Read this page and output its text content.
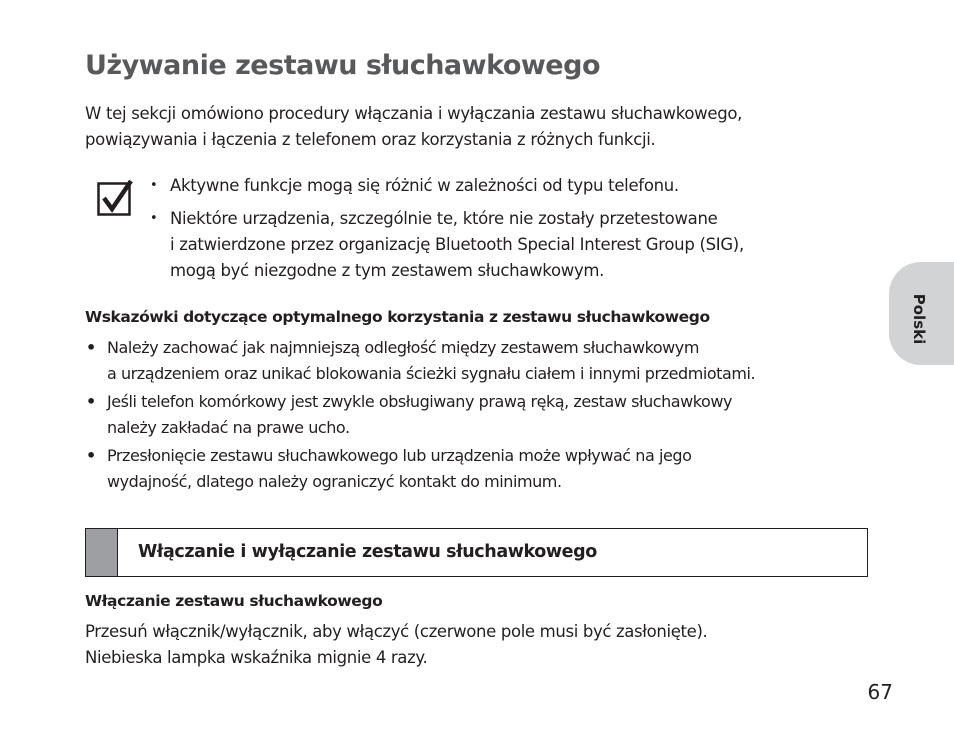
Używanie zestawu słuchawkowego

W tej sekcji omówiono procedury włączania i wyłączania zestawu słuchawkowego,
powiązywania i łączenia z telefonem oraz korzystania z różnych funkcji.

• Aktywne funkcje mogą się różnić w zależności od typu telefonu.
• Niektóre urządzenia, szczególnie te, które nie zostały przetestowane
i zatwierdzone przez organizację Bluetooth Special Interest Group (SIG),
mogą być niezgodne z tym zestawem słuchawkowym.
Wskazówki dotyczące optymalnego korzystania z zestawu słuchawkowego
• Należy zachować jak najmniejszą odległość między zestawem słuchawkowym
a urządzeniem oraz unikać blokowania ścieżki sygnału ciałem i innymi przedmiotami.
• Jeśli telefon komórkowy jest zwykle obsługiwany prawą ręką, zestaw słuchawkowy
należy zakładać na prawe ucho.
• Przesłonięcie zestawu słuchawkowego lub urządzenia może wpływać na jego
wydajność, dlatego należy ograniczyć kontakt do minimum.
Włączanie i wyłączanie zestawu słuchawkowego
Włączanie zestawu słuchawkowego

Przesuń włącznik/wyłącznik, aby włączyć (czerwone pole musi być zasłonięte).
Niebieska lampka wskaźnika mignie 4 razy.

Polski

67
